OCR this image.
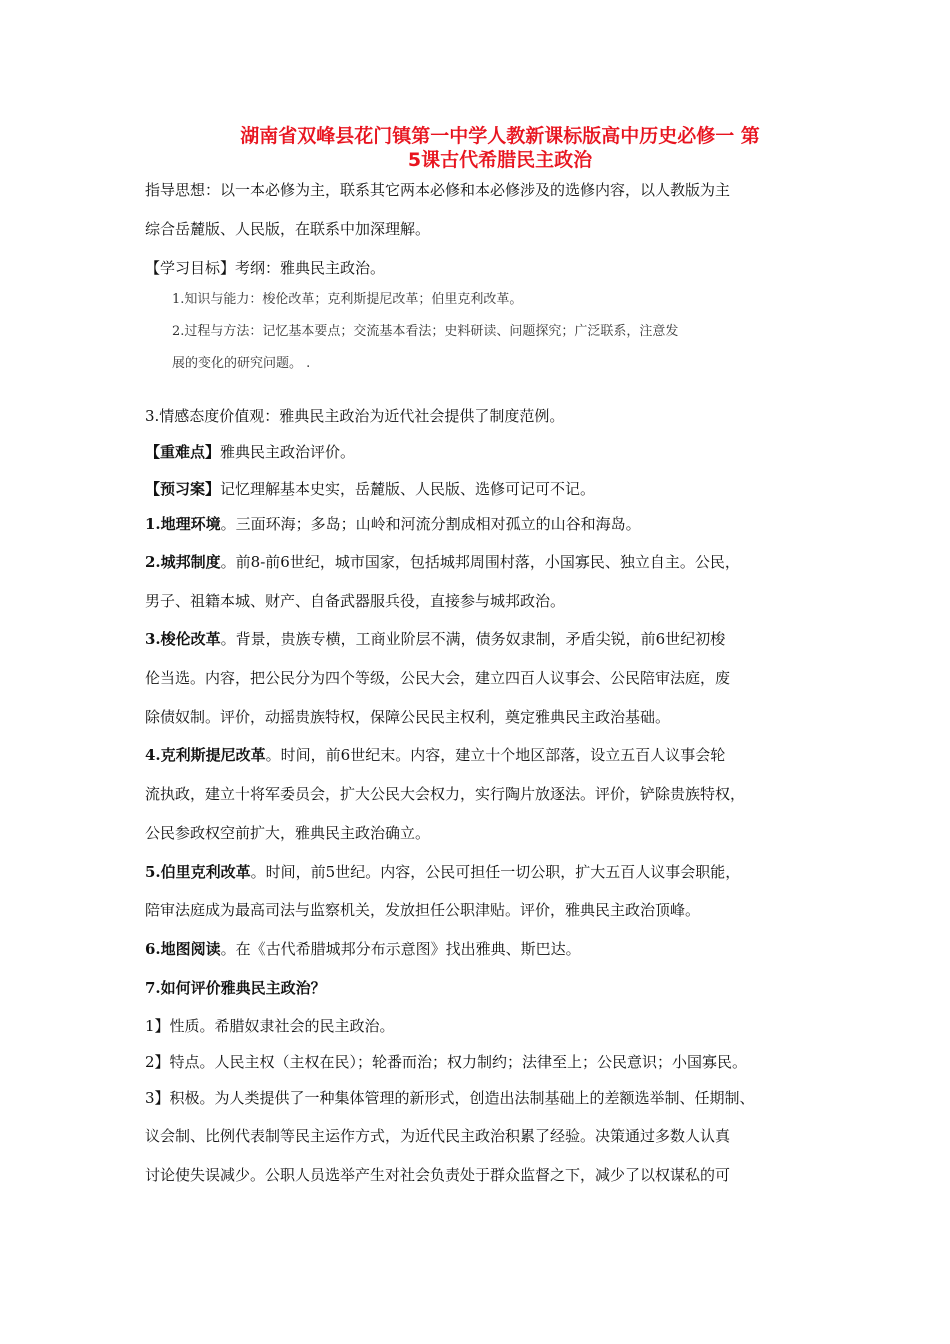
湖南省双峰县花门镇第一中学人教新课标版高中历史必修一 第
5课古代希腊民主政治
指导思想：以一本必修为主，联系其它两本必修和本必修涉及的选修内容，以人教版为主
综合岳麓版、人民版，在联系中加深理解。
【学习目标】考纲：雅典民主政治。
1.知识与能力：梭伦改革；克利斯提尼改革；伯里克利改革。
2.过程与方法：记忆基本要点；交流基本看法；史料研读、问题探究；广泛联系，注意发
展的变化的研究问题。 .
3.情感态度价值观：雅典民主政治为近代社会提供了制度范例。
【重难点】雅典民主政治评价。
【预习案】记忆理解基本史实，岳麓版、人民版、选修可记可不记。
1.地理环境。三面环海；多岛；山岭和河流分割成相对孤立的山谷和海岛。
2.城邦制度。前8-前6世纪，城市国家，包括城邦周围村落，小国寡民、独立自主。公民，
男子、祖籍本城、财产、自备武器服兵役，直接参与城邦政治。
3.梭伦改革。背景，贵族专横，工商业阶层不满，债务奴隶制，矛盾尖锐，前6世纪初梭
伦当选。内容，把公民分为四个等级，公民大会，建立四百人议事会、公民陪审法庭，废
除债奴制。评价，动摇贵族特权，保障公民民主权利，奠定雅典民主政治基础。
4.克利斯提尼改革。时间，前6世纪末。内容，建立十个地区部落，设立五百人议事会轮
流执政，建立十将军委员会，扩大公民大会权力，实行陶片放逐法。评价，铲除贵族特权，
公民参政权空前扩大，雅典民主政治确立。
5.伯里克利改革。时间，前5世纪。内容，公民可担任一切公职，扩大五百人议事会职能，
陪审法庭成为最高司法与监察机关，发放担任公职津贴。评价，雅典民主政治顶峰。
6.地图阅读。在《古代希腊城邦分布示意图》找出雅典、斯巴达。
7.如何评价雅典民主政治？
1】性质。希腊奴隶社会的民主政治。
2】特点。人民主权（主权在民）；轮番而治；权力制约；法律至上；公民意识；小国寡民。
3】积极。为人类提供了一种集体管理的新形式，创造出法制基础上的差额选举制、任期制、
议会制、比例代表制等民主运作方式，为近代民主政治积累了经验。决策通过多数人认真
讨论使失误减少。公职人员选举产生对社会负责处于群众监督之下，减少了以权谋私的可
